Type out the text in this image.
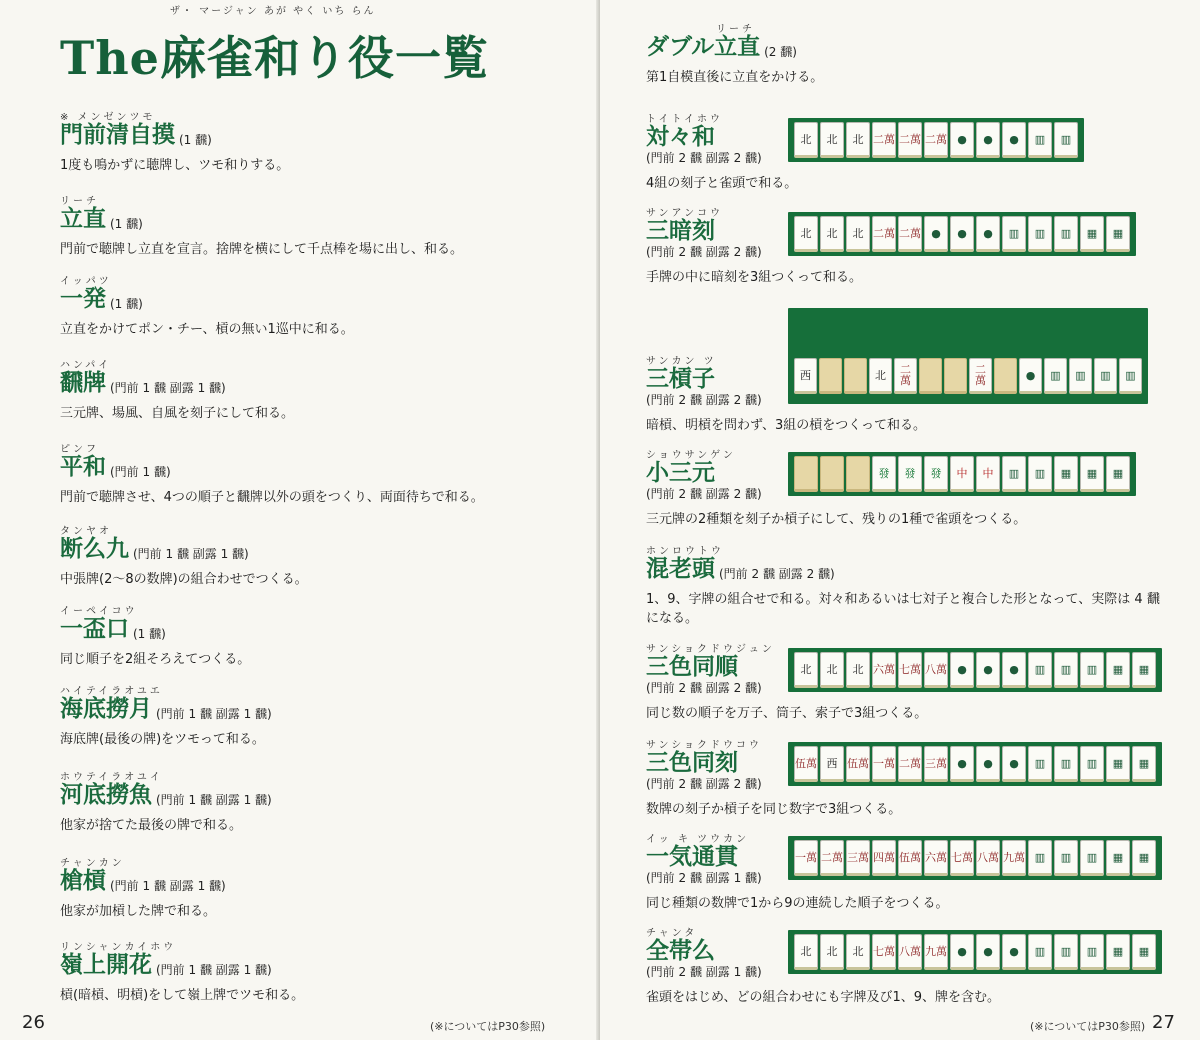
ザ・ マージャン あが やく いち らん
The麻雀和り役一覧
※ メンゼンツモ
門前清自摸 (1 飜)
1度も鳴かずに聴牌し、ツモ和りする。
リーチ
立直 (1 飜)
門前で聴牌し立直を宣言。捨牌を横にして千点棒を場に出し、和る。
イッパツ
一発 (1 飜)
立直をかけてポン・チー、槓の無い1巡中に和る。
ハンパイ
飜牌 (門前 1 飜 副露 1 飜)
三元牌、場風、自風を刻子にして和る。
ピンフ
平和 (門前 1 飜)
門前で聴牌させ、4つの順子と飜牌以外の頭をつくり、両面待ちで和る。
タンヤオ
断么九 (門前 1 飜 副露 1 飜)
中張牌(2〜8の数牌)の組合わせでつくる。
イーペイコウ
一盃口 (1 飜)
同じ順子を2組そろえてつくる。
ハイテイラオユエ
海底撈月 (門前 1 飜 副露 1 飜)
海底牌(最後の牌)をツモって和る。
ホウテイラオユイ
河底撈魚 (門前 1 飜 副露 1 飜)
他家が捨てた最後の牌で和る。
チャンカン
槍槓 (門前 1 飜 副露 1 飜)
他家が加槓した牌で和る。
リンシャンカイホウ
嶺上開花 (門前 1 飜 副露 1 飜)
槓(暗槓、明槓)をして嶺上牌でツモ和る。
26	(※についてはP30参照)
リーチ
ダブル立直 (2 飜)
第1自模直後に立直をかける。
トイトイホウ
対々和
(門前 2 飜 副露 2 飜)
4組の刻子と雀頭で和る。
北	北	北 二萬 二萬 二萬 ●	●	●	▥	▥
サンアンコウ
三暗刻
(門前 2 飜 副露 2 飜)
手牌の中に暗刻を3組つくって和る。
北	北	北 二萬 二萬 ●	●	●	▥	▥	▥	▦	▦
サンカン ツ
三槓子
(門前 2 飜 副露 2 飜)
暗槓、明槓を問わず、3組の槓をつくって和る。
西	北	二萬
二萬	●	▥	▥	▥	▥
ショウサンゲン
小三元
(門前 2 飜 副露 2 飜)
三元牌の2種類を刻子か槓子にして、残りの1種で雀頭をつくる。
發	發	發	中	中	▥	▥	▦	▦	▦
ホンロウトウ
混老頭 (門前 2 飜 副露 2 飜)
1、9、字牌の組合せで和る。対々和あるいは七対子と複合した形となって、実際は 4 飜になる。
サンショクドウジュン
三色同順
(門前 2 飜 副露 2 飜)
同じ数の順子を万子、筒子、索子で3組つくる。
北	北	北 六萬 七萬 八萬 ●	●	●	▥	▥	▥	▦	▦
サンショクドウコウ
三色同刻
(門前 2 飜 副露 2 飜)
数牌の刻子か槓子を同じ数字で3組つくる。
伍萬 西 伍萬 一萬 二萬 三萬 ●	●	●	▥	▥	▥	▦	▦
イッ キ ツウカン
一気通貫
(門前 2 飜 副露 1 飜)
同じ種類の数牌で1から9の連続した順子をつくる。
一萬 二萬 三萬 四萬 伍萬 六萬 七萬 八萬 九萬 ▥	▥	▥	▦	▦
チャンタ
全帯么
(門前 2 飜 副露 1 飜)
雀頭をはじめ、どの組合わせにも字牌及び1、9、牌を含む。
北	北	北 七萬 八萬 九萬 ●	●	●	▥	▥	▥	▦	▦
(※についてはP30参照) 27
